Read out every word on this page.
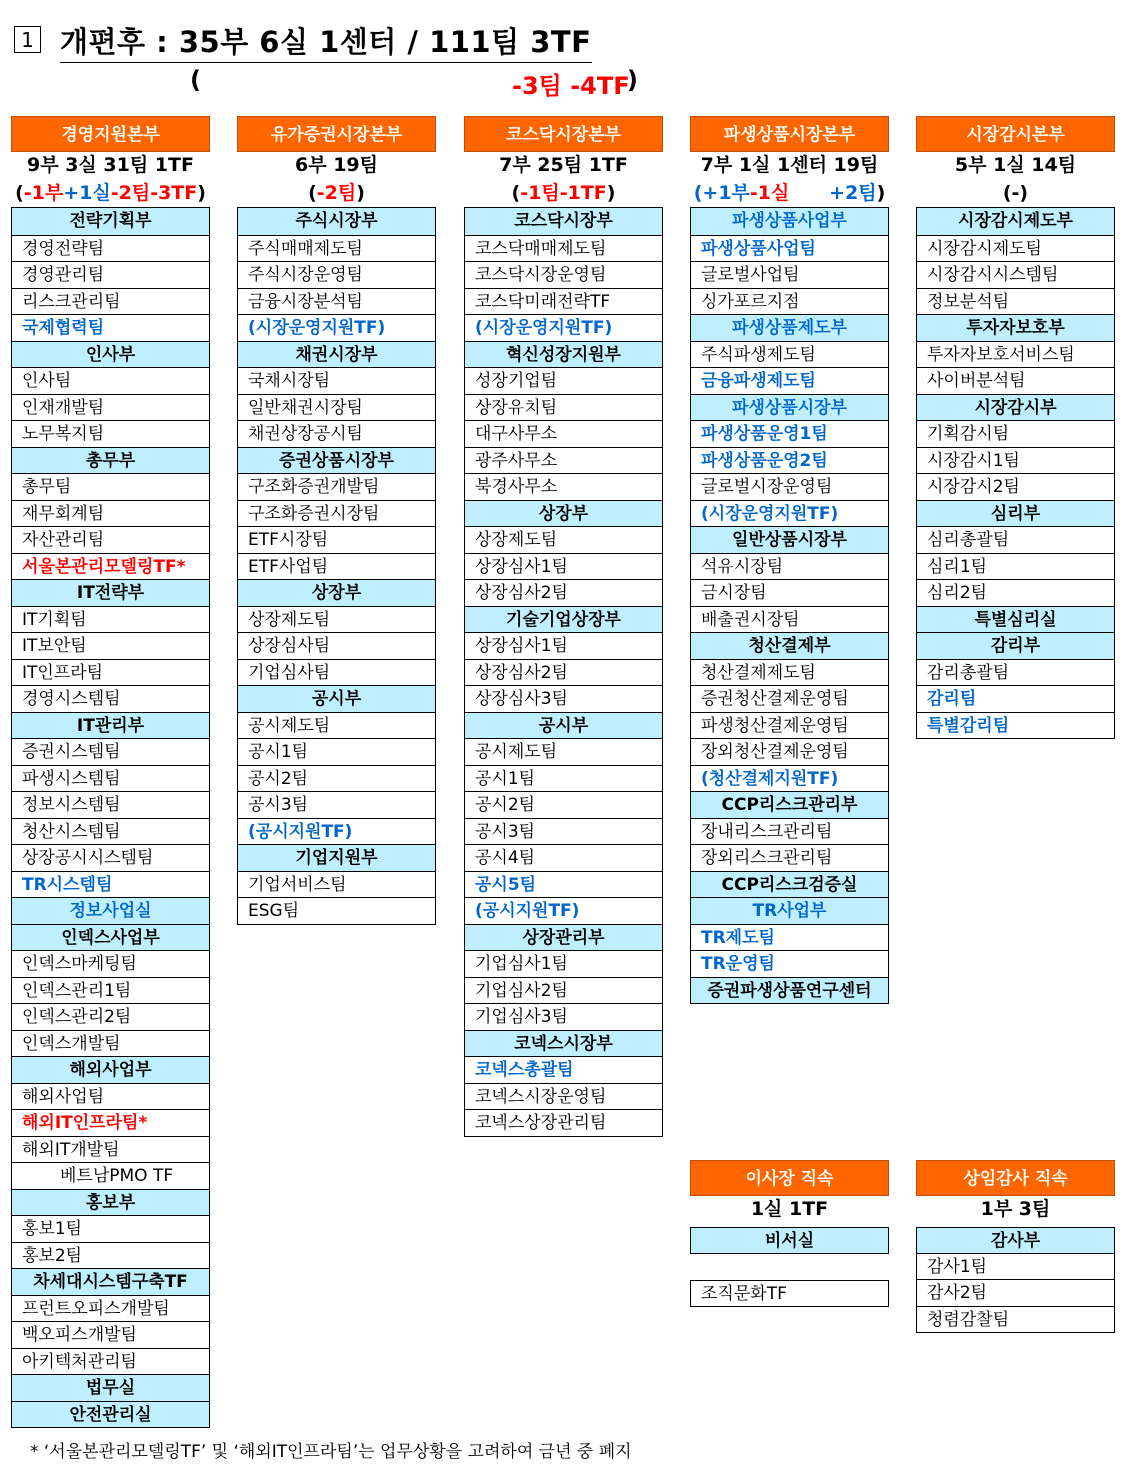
1 개편후 : 35부 6실 1센터 / 111팀 3TF
(	-3팀 -4TF
)
경영지원본부
9부 3실 31팀 1TF
(-1부+1실-2팀-3TF)
전략기획부
경영전략팀
경영관리팀
리스크관리팀
국제협력팀
인사부
인사팀
인재개발팀
노무복지팀
총무부
총무팀
재무회계팀
자산관리팀
서울본관리모델링TF*
IT전략부
IT기획팀
IT보안팀
IT인프라팀
경영시스템팀
IT관리부
증권시스템팀
파생시스템팀
정보시스템팀
청산시스템팀
상장공시시스템팀
TR시스템팀
정보사업실
인덱스사업부
인덱스마케팅팀
인덱스관리1팀
인덱스관리2팀
인덱스개발팀
해외사업부
해외사업팀
해외IT인프라팀*
해외IT개발팀
베트남PMO TF
홍보부
홍보1팀
홍보2팀
차세대시스템구축TF
프런트오피스개발팀
백오피스개발팀
아키텍처관리팀
법무실
안전관리실
유가증권시장본부
6부 19팀
(-2팀)
주식시장부
주식매매제도팀
주식시장운영팀
금융시장분석팀
(시장운영지원TF)
채권시장부
국채시장팀
일반채권시장팀
채권상장공시팀
증권상품시장부
구조화증권개발팀
구조화증권시장팀
ETF시장팀
ETF사업팀
상장부
상장제도팀
상장심사팀
기업심사팀
공시부
공시제도팀
공시1팀
공시2팀
공시3팀
(공시지원TF)
기업지원부
기업서비스팀
ESG팀
코스닥시장본부
7부 25팀 1TF
(-1팀-1TF)
코스닥시장부
코스닥매매제도팀
코스닥시장운영팀
코스닥미래전략TF
(시장운영지원TF)
혁신성장지원부
성장기업팀
상장유치팀
대구사무소
광주사무소
북경사무소
상장부
상장제도팀
상장심사1팀
상장심사2팀
기술기업상장부
상장심사1팀
상장심사2팀
상장심사3팀
공시부
공시제도팀
공시1팀
공시2팀
공시3팀
공시4팀
공시5팀
(공시지원TF)
상장관리부
기업심사1팀
기업심사2팀
기업심사3팀
코넥스시장부
코넥스총괄팀
코넥스시장운영팀
코넥스상장관리팀
파생상품시장본부
7부 1실 1센터 19팀
(+1부-1실      +2팀)
파생상품사업부
파생상품사업팀
글로벌사업팀
싱가포르지점
파생상품제도부
주식파생제도팀
금융파생제도팀
파생상품시장부
파생상품운영1팀
파생상품운영2팀
글로벌시장운영팀
(시장운영지원TF)
일반상품시장부
석유시장팀
금시장팀
배출권시장팀
청산결제부
청산결제제도팀
증권청산결제운영팀
파생청산결제운영팀
장외청산결제운영팀
(청산결제지원TF)
CCP리스크관리부
장내리스크관리팀
장외리스크관리팀
CCP리스크검증실
TR사업부
TR제도팀
TR운영팀
증권파생상품연구센터
시장감시본부
5부 1실 14팀
(-)
시장감시제도부
시장감시제도팀
시장감시시스템팀
정보분석팀
투자자보호부
투자자보호서비스팀
사이버분석팀
시장감시부
기획감시팀
시장감시1팀
시장감시2팀
심리부
심리총괄팀
심리1팀
심리2팀
특별심리실
감리부
감리총괄팀
감리팀
특별감리팀
이사장 직속
1실 1TF
비서실
조직문화TF
상임감사 직속
1부 3팀
감사부
감사1팀
감사2팀
청렴감찰팀
* ‘서울본관리모델링TF’ 및 ‘해외IT인프라팀’는 업무상황을 고려하여 금년 중 폐지
